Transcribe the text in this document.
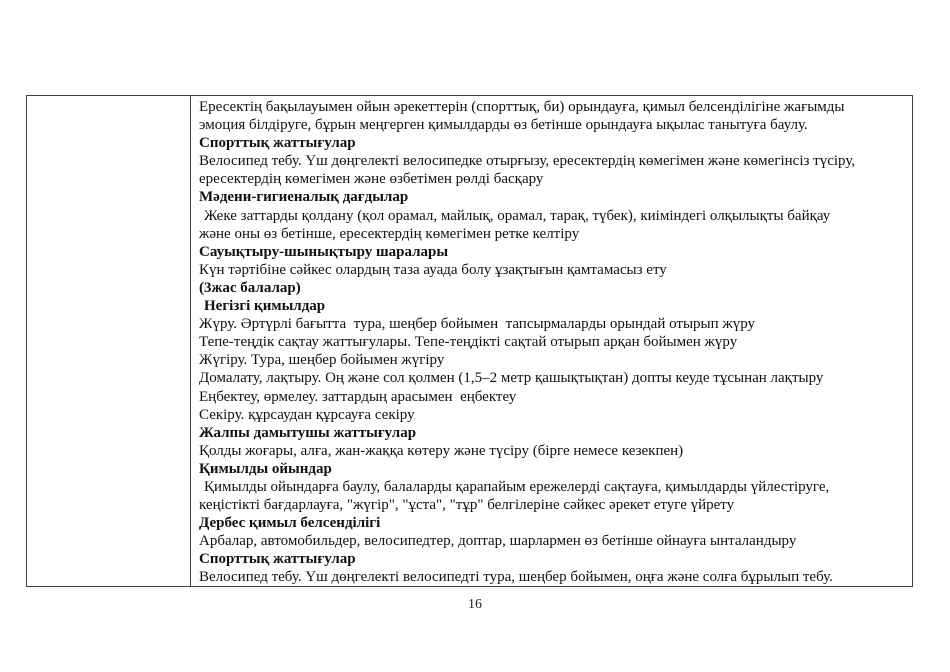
Ересектің бақылауымен ойын әрекеттерін (спорттық, би) орындауға, қимыл белсенділігіне жағымды
эмоция білдіруге, бұрын меңгерген қимылдарды өз бетінше орындауға ықылас танытуға баулу.
Спорттық жаттығулар
Велосипед тебу. Үш дөңгелекті велосипедке отырғызу, ересектердің көмегімен және көмегінсіз түсіру,
ересектердің көмегімен және өзбетімен рөлді басқару
Мәдени-гигиеналық дағдылар
Жеке заттарды қолдану (қол орамал, майлық, орамал, тарақ, түбек), киіміндегі олқылықты байқау
және оны өз бетінше, ересектердің көмегімен ретке келтіру
Сауықтыру-шынықтыру шаралары
Күн тәртібіне сәйкес олардың таза ауада болу ұзақтығын қамтамасыз ету
(3жас балалар)
Негізгі қимылдар
Жүру. Әртүрлі бағытта  тура, шеңбер бойымен  тапсырмаларды орындай отырып жүру
Тепе-теңдік сақтау жаттығулары. Тепе-теңдікті сақтай отырып арқан бойымен жүру
Жүгіру. Тура, шеңбер бойымен жүгіру
Домалату, лақтыру. Оң және сол қолмен (1,5–2 метр қашықтықтан) допты кеуде тұсынан лақтыру
Еңбектеу, өрмелеу. заттардың арасымен  еңбектеу
Секіру. құрсаудан құрсауға секіру
Жалпы дамытушы жаттығулар
Қолды жоғары, алға, жан-жаққа көтеру және түсіру (бірге немесе кезекпен)
Қимылды ойындар
Қимылды ойындарға баулу, балаларды қарапайым ережелерді сақтауға, қимылдарды үйлестіруге,
кеңістікті бағдарлауға, "жүгір", "ұста", "тұр" белгілеріне сәйкес әрекет етуге үйрету
Дербес қимыл белсенділігі
Арбалар, автомобильдер, велосипедтер, доптар, шарлармен өз бетінше ойнауға ынталандыру
Спорттық жаттығулар
Велосипед тебу. Үш дөңгелекті велосипедті тура, шеңбер бойымен, оңға және солға бұрылып тебу.
16
